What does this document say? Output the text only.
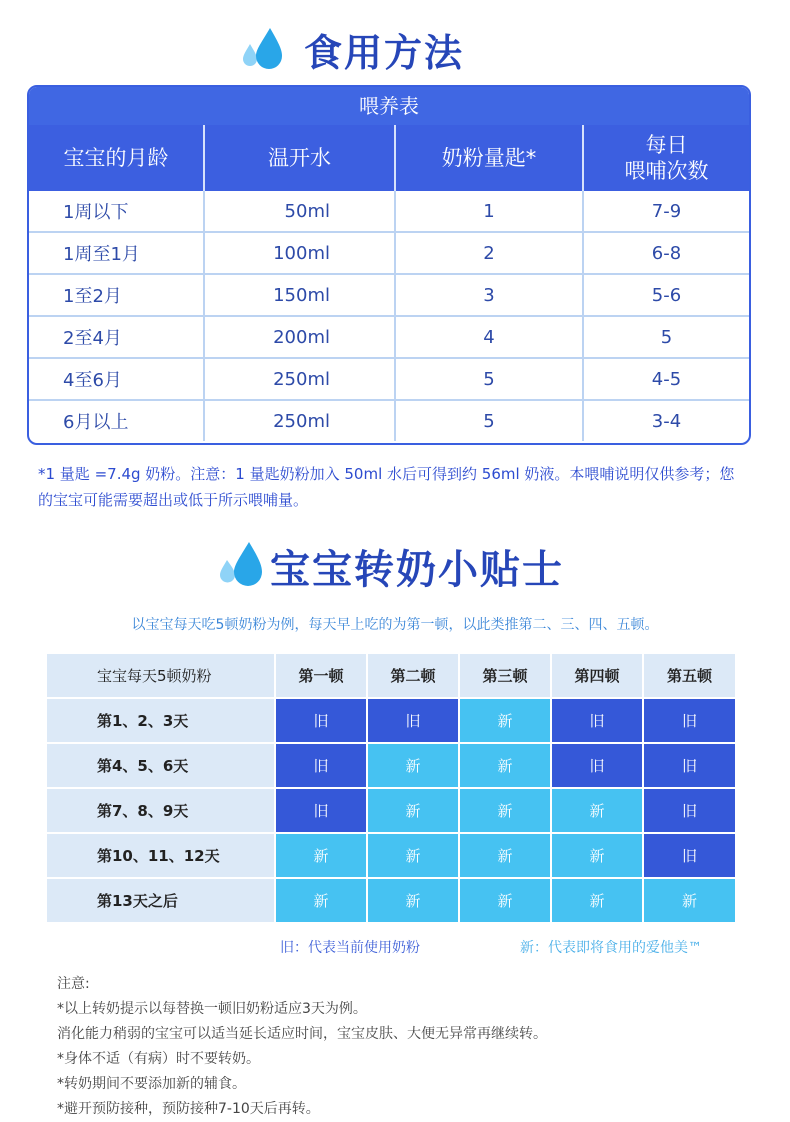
食用方法
喂养表
宝宝的月龄	温开水	奶粉量匙*	每日
喂哺次数
1周以下	50ml	1	7-9
1周至1月	100ml	2	6-8
1至2月	150ml	3	5-6
2至4月	200ml	4	5
4至6月	250ml	5	4-5
6月以上	250ml	5	3-4
*1 量匙 =7.4g 奶粉。注意：1 量匙奶粉加入 50ml 水后可得到约 56ml 奶液。本喂哺说明仅供参考；您的宝宝可能需要超出或低于所示喂哺量。
宝宝转奶小贴士
以宝宝每天吃5顿奶粉为例，每天早上吃的为第一顿，以此类推第二、三、四、五顿。
宝宝每天5顿奶粉	第一顿	第二顿	第三顿	第四顿	第五顿
第1、2、3天	旧	旧	新	旧	旧
第4、5、6天	旧	新	新	旧	旧
第7、8、9天	旧	新	新	新	旧
第10、11、12天	新	新	新	新	旧
第13天之后	新	新	新	新	新
旧：代表当前使用奶粉	新：代表即将食用的爱他美™
注意:
*以上转奶提示以每替换一顿旧奶粉适应3天为例。
消化能力稍弱的宝宝可以适当延长适应时间，宝宝皮肤、大便无异常再继续转。
*身体不适（有病）时不要转奶。
*转奶期间不要添加新的辅食。
*避开预防接种，预防接种7-10天后再转。
